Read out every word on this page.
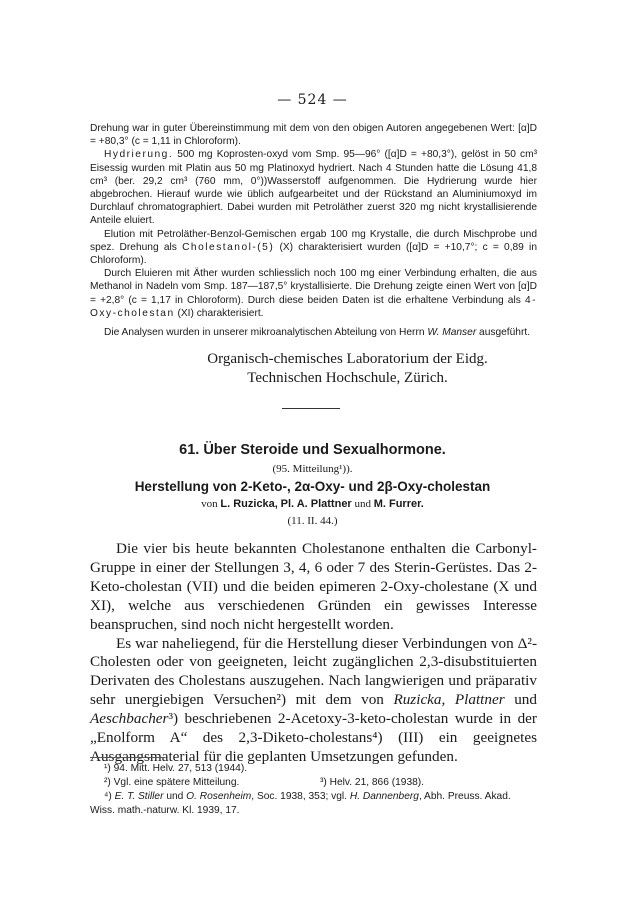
— 524 —

Drehung war in guter Übereinstimmung mit dem von den obigen Autoren angegebenen Wert: [α]D = +80,3° (c = 1,11 in Chloroform).

Hydrierung. 500 mg Koprosten-oxyd vom Smp. 95—96° ([α]D = +80,3°), gelöst in 50 cm³ Eisessig wurden mit Platin aus 50 mg Platinoxyd hydriert. Nach 4 Stunden hatte die Lösung 41,8 cm³ (ber. 29,2 cm³ (760 mm, 0°))Wasserstoff aufgenommen. Die Hydrierung wurde hier abgebrochen. Hierauf wurde wie üblich aufgearbeitet und der Rückstand an Aluminiumoxyd im Durchlauf chromatographiert. Dabei wurden mit Petroläther zuerst 320 mg nicht krystallisierende Anteile eluiert.

Elution mit Petroläther-Benzol-Gemischen ergab 100 mg Krystalle, die durch Mischprobe und spez. Drehung als Cholestanol-(5) (X) charakterisiert wurden ([α]D = +10,7°; c = 0,89 in Chloroform).

Durch Eluieren mit Äther wurden schliesslich noch 100 mg einer Verbindung erhalten, die aus Methanol in Nadeln vom Smp. 187—187,5° krystallisierte. Die Drehung zeigte einen Wert von [α]D = +2,8° (c = 1,17 in Chloroform). Durch diese beiden Daten ist die erhaltene Verbindung als 4-Oxy-cholestan (XI) charakterisiert.

Die Analysen wurden in unserer mikroanalytischen Abteilung von Herrn W. Manser ausgeführt.

Organisch-chemisches Laboratorium der Eidg.
Technischen Hochschule, Zürich.
61. Über Steroide und Sexualhormone.
(95. Mitteilung¹)).
Herstellung von 2-Keto-, 2α-Oxy- und 2β-Oxy-cholestan
von L. Ruzicka, Pl. A. Plattner und M. Furrer.
(11. II. 44.)

Die vier bis heute bekannten Cholestanone enthalten die Carbonyl-Gruppe in einer der Stellungen 3, 4, 6 oder 7 des Sterin-Gerüstes. Das 2-Keto-cholestan (VII) und die beiden epimeren 2-Oxy-cholestane (X und XI), welche aus verschiedenen Gründen ein gewisses Interesse beanspruchen, sind noch nicht hergestellt worden.

Es war naheliegend, für die Herstellung dieser Verbindungen von Δ²-Cholesten oder von geeigneten, leicht zugänglichen 2,3-disubstituierten Derivaten des Cholestans auszugehen. Nach langwierigen und präparativ sehr unergiebigen Versuchen²) mit dem von Ruzicka, Plattner und Aeschbacher³) beschriebenen 2-Acetoxy-3-keto-cholestan wurde in der „Enolform A“ des 2,3-Diketo-cholestans⁴) (III) ein geeignetes Ausgangsmaterial für die geplanten Umsetzungen gefunden.

¹) 94. Mitt. Helv. 27, 513 (1944).
²) Vgl. eine spätere Mitteilung.	³) Helv. 21, 866 (1938).
⁴) E. T. Stiller und O. Rosenheim, Soc. 1938, 353; vgl. H. Dannenberg, Abh. Preuss. Akad. Wiss. math.-naturw. Kl. 1939, 17.
